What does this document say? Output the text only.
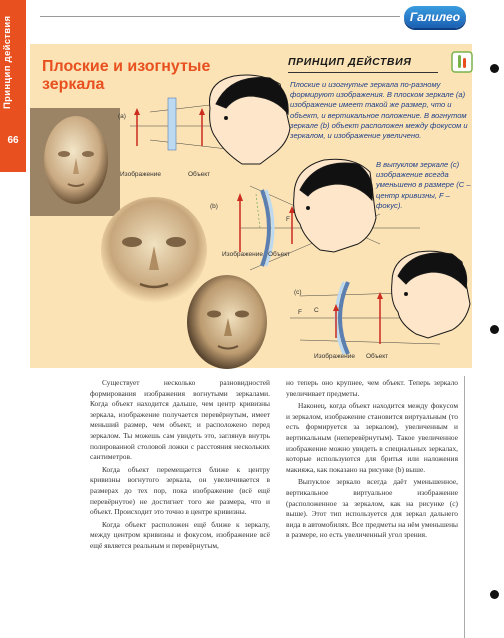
Принцип действия
66
Галилео
Плоские и изогнутые
зеркала
ПРИНЦИП ДЕЙСТВИЯ
Плоские и изогнутые зеркала по-разному формируют изображения. В плоском зеркале (a) изображение имеет такой же размер, что и объект, и вертикальное положение. В вогнутом зеркале (b) объект расположен между фокусом и зеркалом, и изображение увеличено.
В выпуклом зеркале (c) изображение всегда уменьшено в размере (C – центр кривизны, F – фокус).
(a)
Изображение	Объект
(b)
F
Изображение Объект
(c)
F C
Изображение Объект

Существует несколько разновидностей формирования изображения вогнутыми зеркалами. Когда объект находится дальше, чем центр кривизны зеркала, изображение получается перевёрнутым, имеет меньший размер, чем объект, и расположено перед зеркалом. Ты можешь сам увидеть это, заглянув внутрь полированной столовой ложки с расстояния нескольких сантиметров.

Когда объект перемещается ближе к центру кривизны вогнутого зеркала, он увеличивается в размерах до тех пор, пока изображение (всё ещё перевёрнутое) не достигнет того же размера, что и объект. Происходит это точно в центре кривизны.

Когда объект расположен ещё ближе к зеркалу, между центром кривизны и фокусом, изображение всё ещё является реальным и перевёрнутым,

но теперь оно крупнее, чем объект. Теперь зеркало увеличивает предметы.

Наконец, когда объект находится между фокусом и зеркалом, изображение становится виртуальным (то есть формируется за зеркалом), увеличенным и вертикальным (неперевёрнутым). Такое увеличенное изображение можно увидеть в специальных зеркалах, которые используются для бритья или наложения макияжа, как показано на рисунке (b) выше.

Выпуклое зеркало всегда даёт уменьшенное, вертикальное виртуальное изображение (расположенное за зеркалом, как на рисунке (c) выше). Этот тип используется для зеркал дальнего вида в автомобилях. Все предметы на нём уменьшены в размере, но есть увеличенный угол зрения.
